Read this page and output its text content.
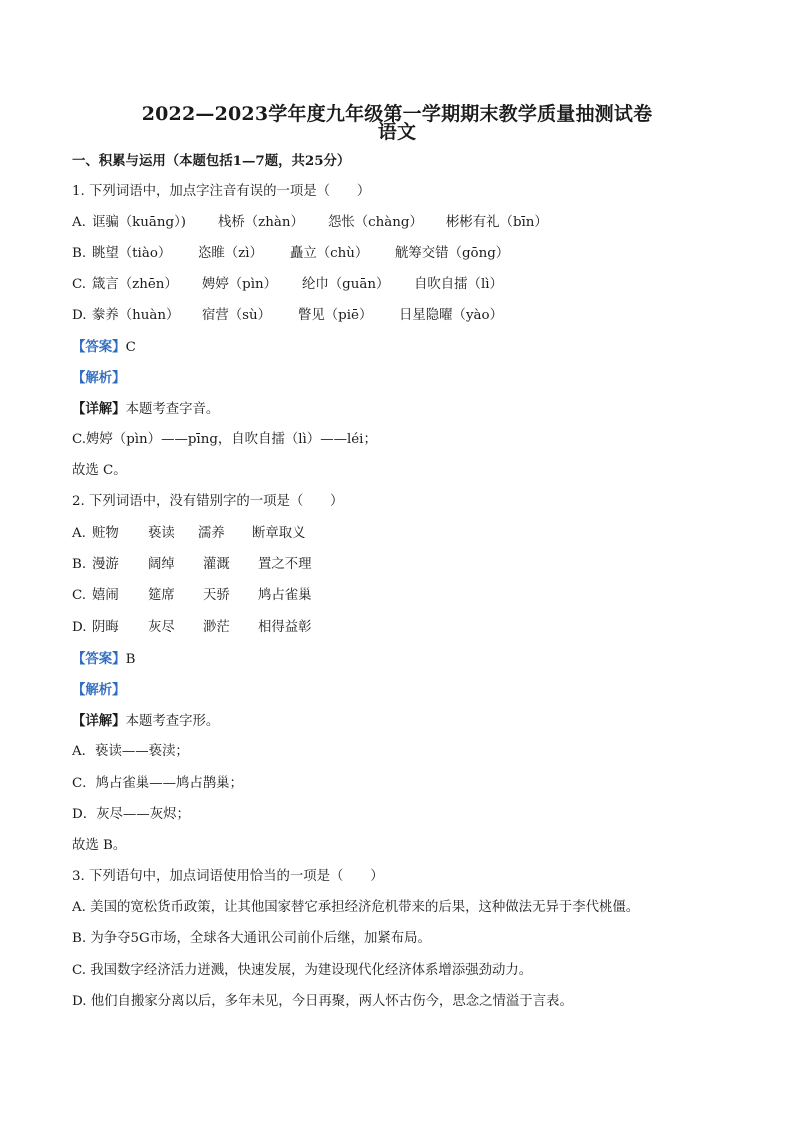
2022—2023学年度九年级第一学期期末教学质量抽测试卷
语文
一、积累与运用（本题包括1—7题，共25分）
1. 下列词语中，加点字注音有误的一项是（　　）
A. 诓骗（kuāng）) 栈桥（zhàn） 怨怅（chàng） 彬彬有礼（bīn）
B. 眺望（tiào） 恣睢（zì） 矗立（chù） 觥筹交错（gōng）
C. 箴言（zhēn） 娉婷（pìn） 纶巾（guān） 自吹自擂（lì）
D. 豢养（huàn） 宿营（sù） 瞥见（piē） 日星隐曜（yào）
【答案】C
【解析】
【详解】本题考查字音。
C.娉婷（pìn）——pīng，自吹自擂（lì）——léi；
故选 C。
2. 下列词语中，没有错别字的一项是（　　）
A. 赃物 亵读 濡养 断章取义
B. 漫游 阔绰 灌溉 置之不理
C. 嬉闹 筵席 天骄 鸠占雀巢
D. 阴晦 灰尽 渺茫 相得益彰
【答案】B
【解析】
【详解】本题考查字形。
A．亵读——亵渎；
C．鸠占雀巢——鸠占鹊巢；
D．灰尽——灰烬；
故选 B。
3. 下列语句中，加点词语使用恰当的一项是（　　）
A. 美国的宽松货币政策，让其他国家替它承担经济危机带来的后果，这种做法无异于李代桃僵。
B. 为争夺5G市场，全球各大通讯公司前仆后继，加紧布局。
C. 我国数字经济活力迸溅，快速发展，为建设现代化经济体系增添强劲动力。
D. 他们自搬家分离以后，多年未见，今日再聚，两人怀古伤今，思念之情溢于言表。
